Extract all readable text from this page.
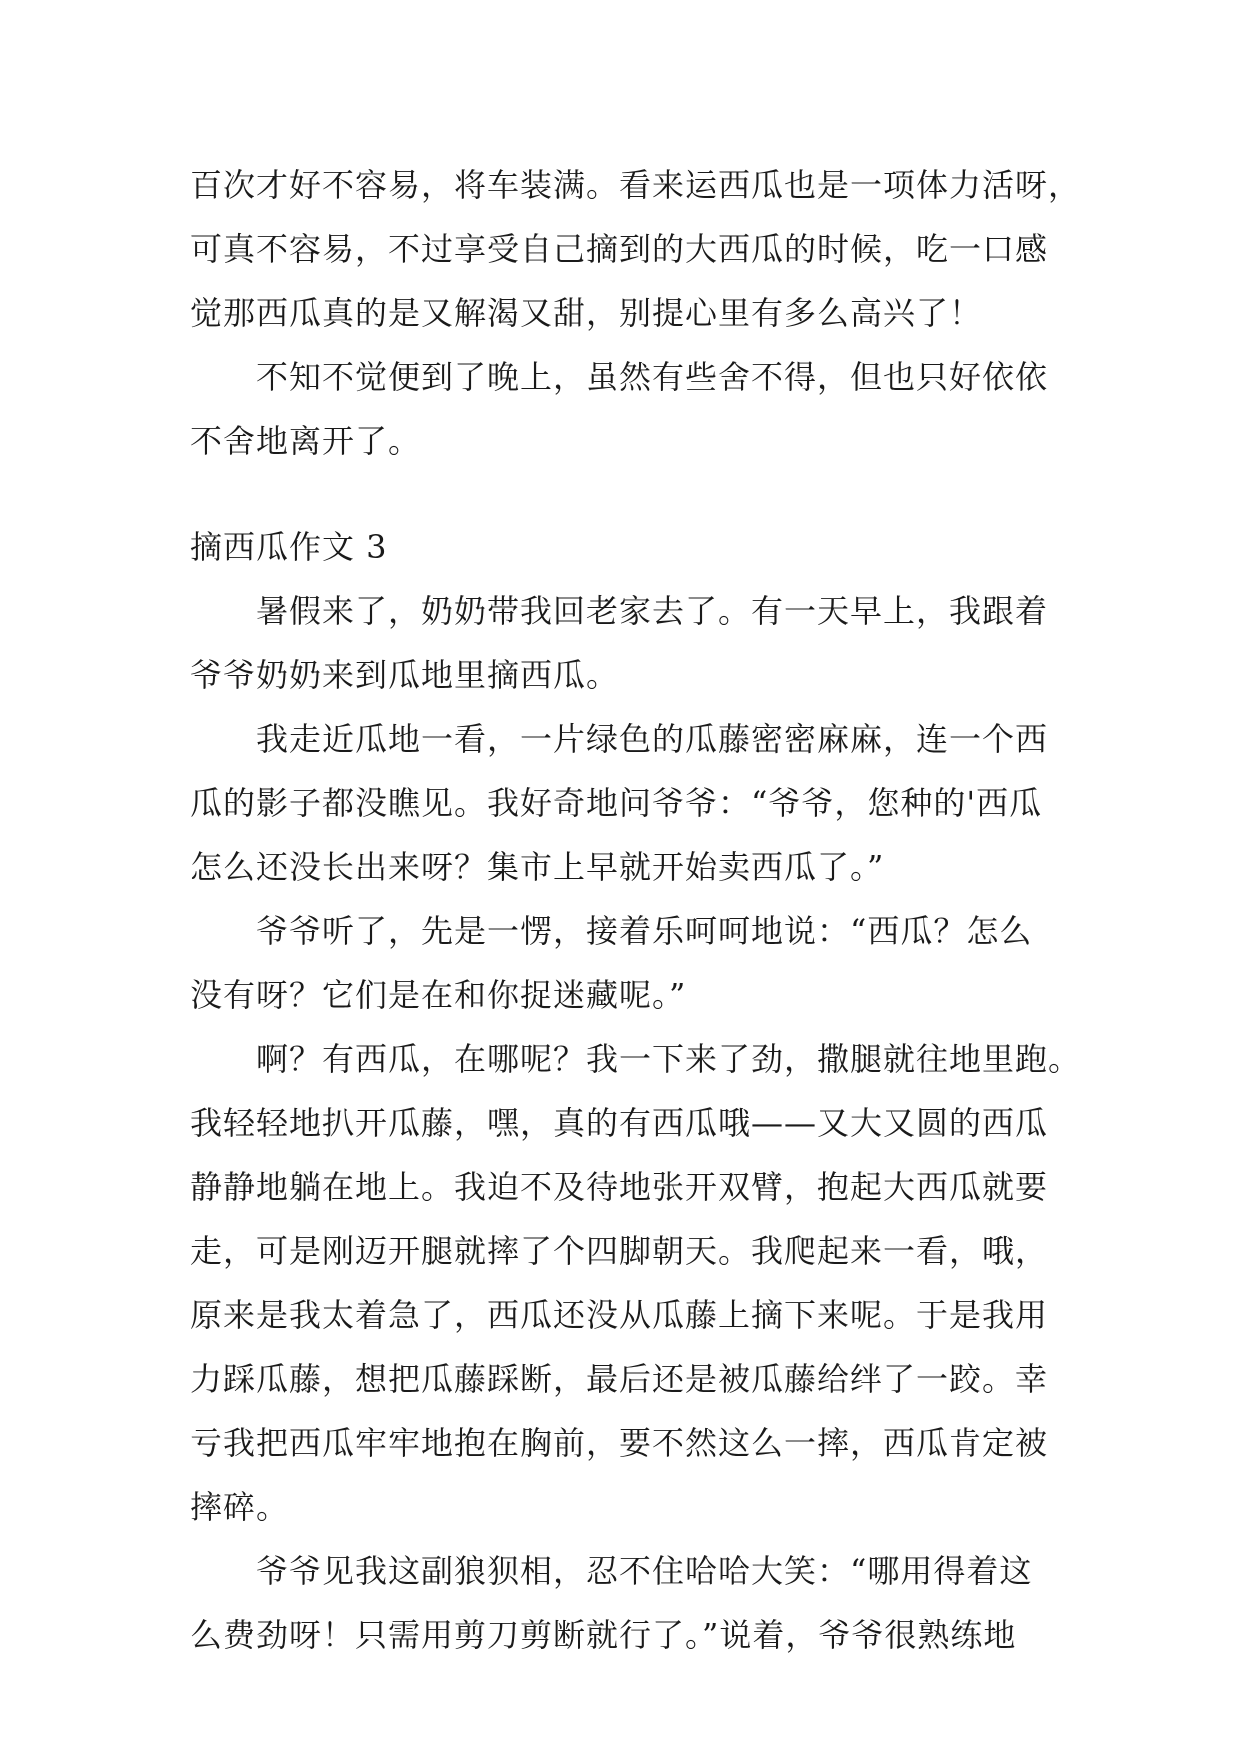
百次才好不容易，将车装满。看来运西瓜也是一项体力活呀，
可真不容易，不过享受自己摘到的大西瓜的时候，吃一口感
觉那西瓜真的是又解渴又甜，别提心里有多么高兴了！
不知不觉便到了晚上，虽然有些舍不得，但也只好依依
不舍地离开了。
摘西瓜作文 3
暑假来了，奶奶带我回老家去了。有一天早上，我跟着
爷爷奶奶来到瓜地里摘西瓜。
我走近瓜地一看，一片绿色的瓜藤密密麻麻，连一个西
瓜的影子都没瞧见。我好奇地问爷爷：“爷爷，您种的'西瓜
怎么还没长出来呀？集市上早就开始卖西瓜了。”
爷爷听了，先是一愣，接着乐呵呵地说：“西瓜？怎么
没有呀？它们是在和你捉迷藏呢。”
啊？有西瓜，在哪呢？我一下来了劲，撒腿就往地里跑。
我轻轻地扒开瓜藤，嘿，真的有西瓜哦——又大又圆的西瓜
静静地躺在地上。我迫不及待地张开双臂，抱起大西瓜就要
走，可是刚迈开腿就摔了个四脚朝天。我爬起来一看，哦，
原来是我太着急了，西瓜还没从瓜藤上摘下来呢。于是我用
力踩瓜藤，想把瓜藤踩断，最后还是被瓜藤给绊了一跤。幸
亏我把西瓜牢牢地抱在胸前，要不然这么一摔，西瓜肯定被
摔碎。
爷爷见我这副狼狈相，忍不住哈哈大笑：“哪用得着这
么费劲呀！只需用剪刀剪断就行了。”说着，爷爷很熟练地
